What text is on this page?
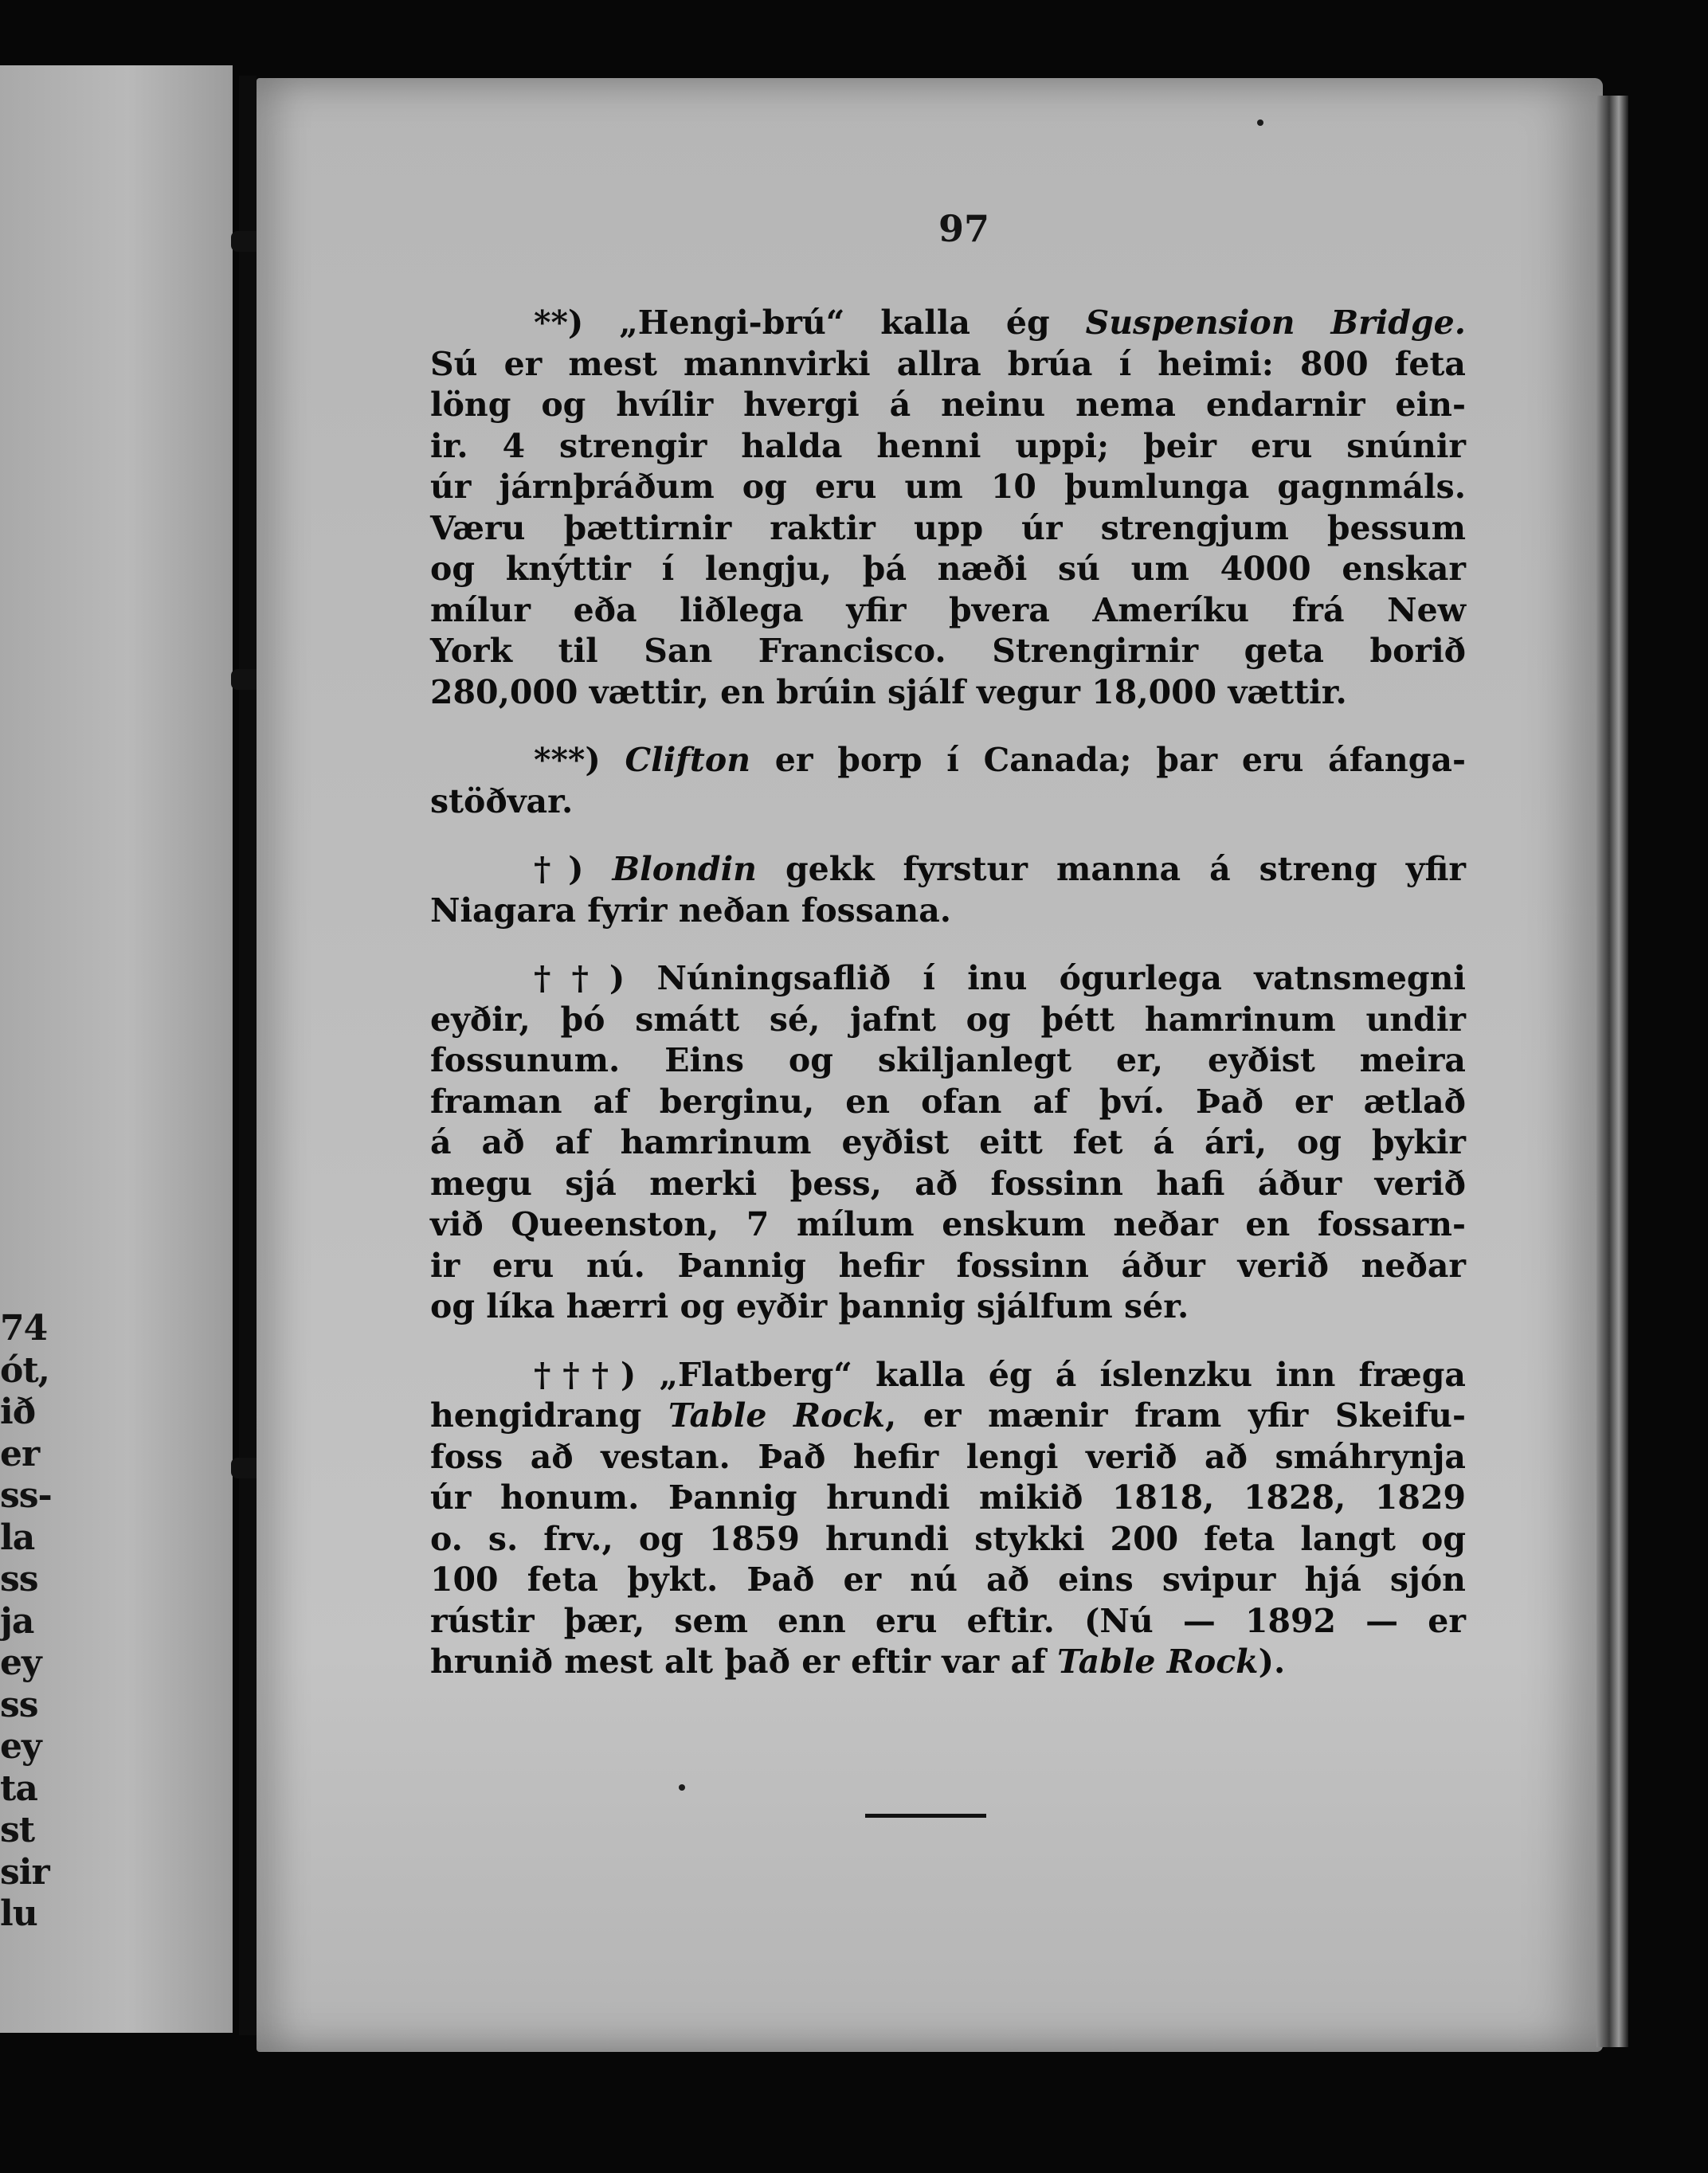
74
ót,
ið
er
ss-
la
ss
ja
ey
ss
ey
ta
st
sir
lu
97
**) „Hengi-brú“ kalla ég Suspension Bridge.
Sú er mest mannvirki allra brúa í heimi: 800 feta
löng og hvílir hvergi á neinu nema endarnir ein-
ir. 4 strengir halda henni uppi; þeir eru snúnir
úr járnþráðum og eru um 10 þumlunga gagnmáls.
Væru þættirnir raktir upp úr strengjum þessum
og knýttir í lengju, þá næði sú um 4000 enskar
mílur eða liðlega yfir þvera Ameríku frá New
York til San Francisco. Strengirnir geta borið
280,000 vættir, en brúin sjálf vegur 18,000 vættir.
***) Clifton er þorp í Canada; þar eru áfanga-
stöðvar.
†) Blondin gekk fyrstur manna á streng yfir
Niagara fyrir neðan fossana.
††) Núningsaflið í inu ógurlega vatnsmegni
eyðir, þó smátt sé, jafnt og þétt hamrinum undir
fossunum. Eins og skiljanlegt er, eyðist meira
framan af berginu, en ofan af því. Það er ætlað
á að af hamrinum eyðist eitt fet á ári, og þykir
megu sjá merki þess, að fossinn hafi áður verið
við Queenston, 7 mílum enskum neðar en fossarn-
ir eru nú. Þannig hefir fossinn áður verið neðar
og líka hærri og eyðir þannig sjálfum sér.
†††) „Flatberg“ kalla ég á íslenzku inn fræga
hengidrang Table Rock, er mænir fram yfir Skeifu-
foss að vestan. Það hefir lengi verið að smáhrynja
úr honum. Þannig hrundi mikið 1818, 1828, 1829
o. s. frv., og 1859 hrundi stykki 200 feta langt og
100 feta þykt. Það er nú að eins svipur hjá sjón
rústir þær, sem enn eru eftir. (Nú — 1892 — er
hrunið mest alt það er eftir var af Table Rock).
